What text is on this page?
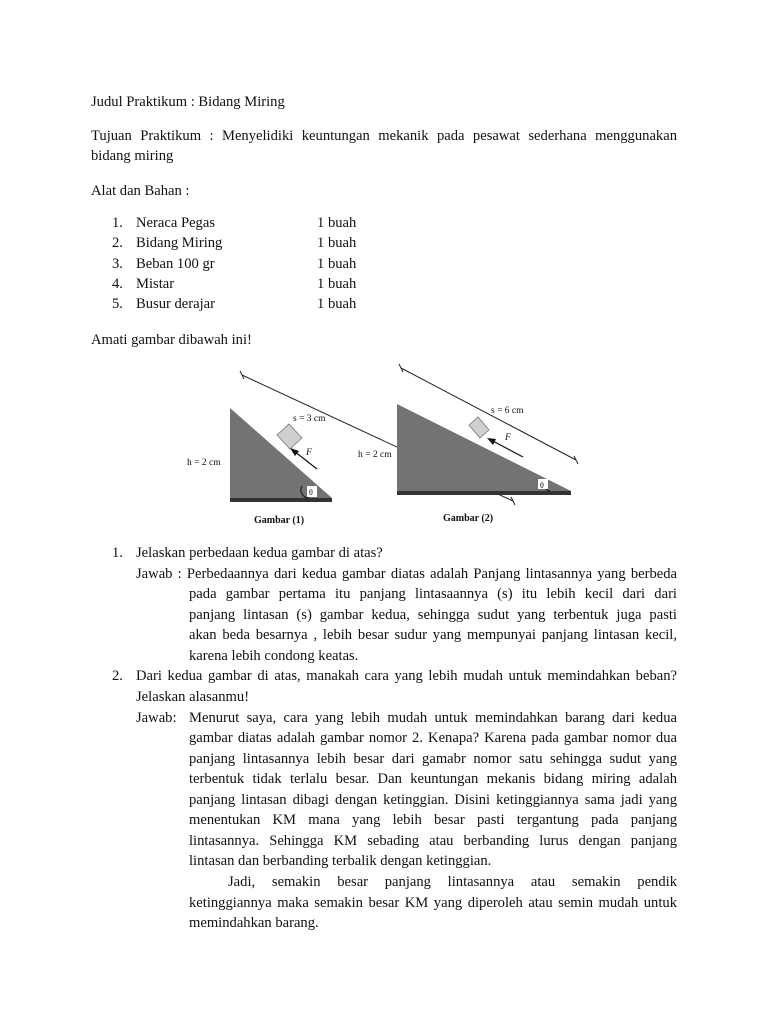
Judul Praktikum : Bidang Miring
Tujuan Praktikum : Menyelidiki keuntungan mekanik pada pesawat sederhana menggunakan
bidang miring
Alat dan Bahan :
1. Neraca Pegas	1 buah
2. Bidang Miring	1 buah
3. Beban 100 gr	1 buah
4. Mistar	1 buah
5. Busur derajar	1 buah
Amati gambar dibawah ini!
θ
s = 3 cm
F
h = 2 cm
Gambar (1)
θ
s = 6 cm
F
h = 2 cm
Gambar (2)
1. Jelaskan perbedaan kedua gambar di atas?
Jawab : Perbedaannya dari kedua gambar diatas adalah Panjang lintasannya yang berbeda
pada gambar pertama itu panjang lintasaannya (s) itu lebih kecil dari dari
panjang lintasan (s) gambar kedua, sehingga sudut yang terbentuk juga pasti
akan beda besarnya , lebih besar sudur yang mempunyai panjang lintasan kecil,
karena lebih condong keatas.
2. Dari kedua gambar di atas, manakah cara yang lebih mudah untuk memindahkan beban?
Jelaskan alasanmu!
Jawab: Menurut saya, cara yang lebih mudah untuk memindahkan barang dari kedua
gambar diatas adalah gambar nomor 2. Kenapa? Karena pada gambar nomor dua
panjang lintasannya lebih besar dari gamabr nomor satu sehingga sudut yang
terbentuk tidak terlalu besar. Dan keuntungan mekanis bidang miring adalah
panjang lintasan dibagi dengan ketinggian. Disini ketinggiannya sama jadi yang
menentukan KM mana yang lebih besar pasti tergantung pada panjang
lintasannya. Sehingga KM sebading atau berbanding lurus dengan panjang
lintasan dan berbanding terbalik dengan ketinggian.
Jadi, semakin besar panjang lintasannya atau semakin pendik
ketinggiannya maka semakin besar KM yang diperoleh atau semin mudah untuk
memindahkan barang.
